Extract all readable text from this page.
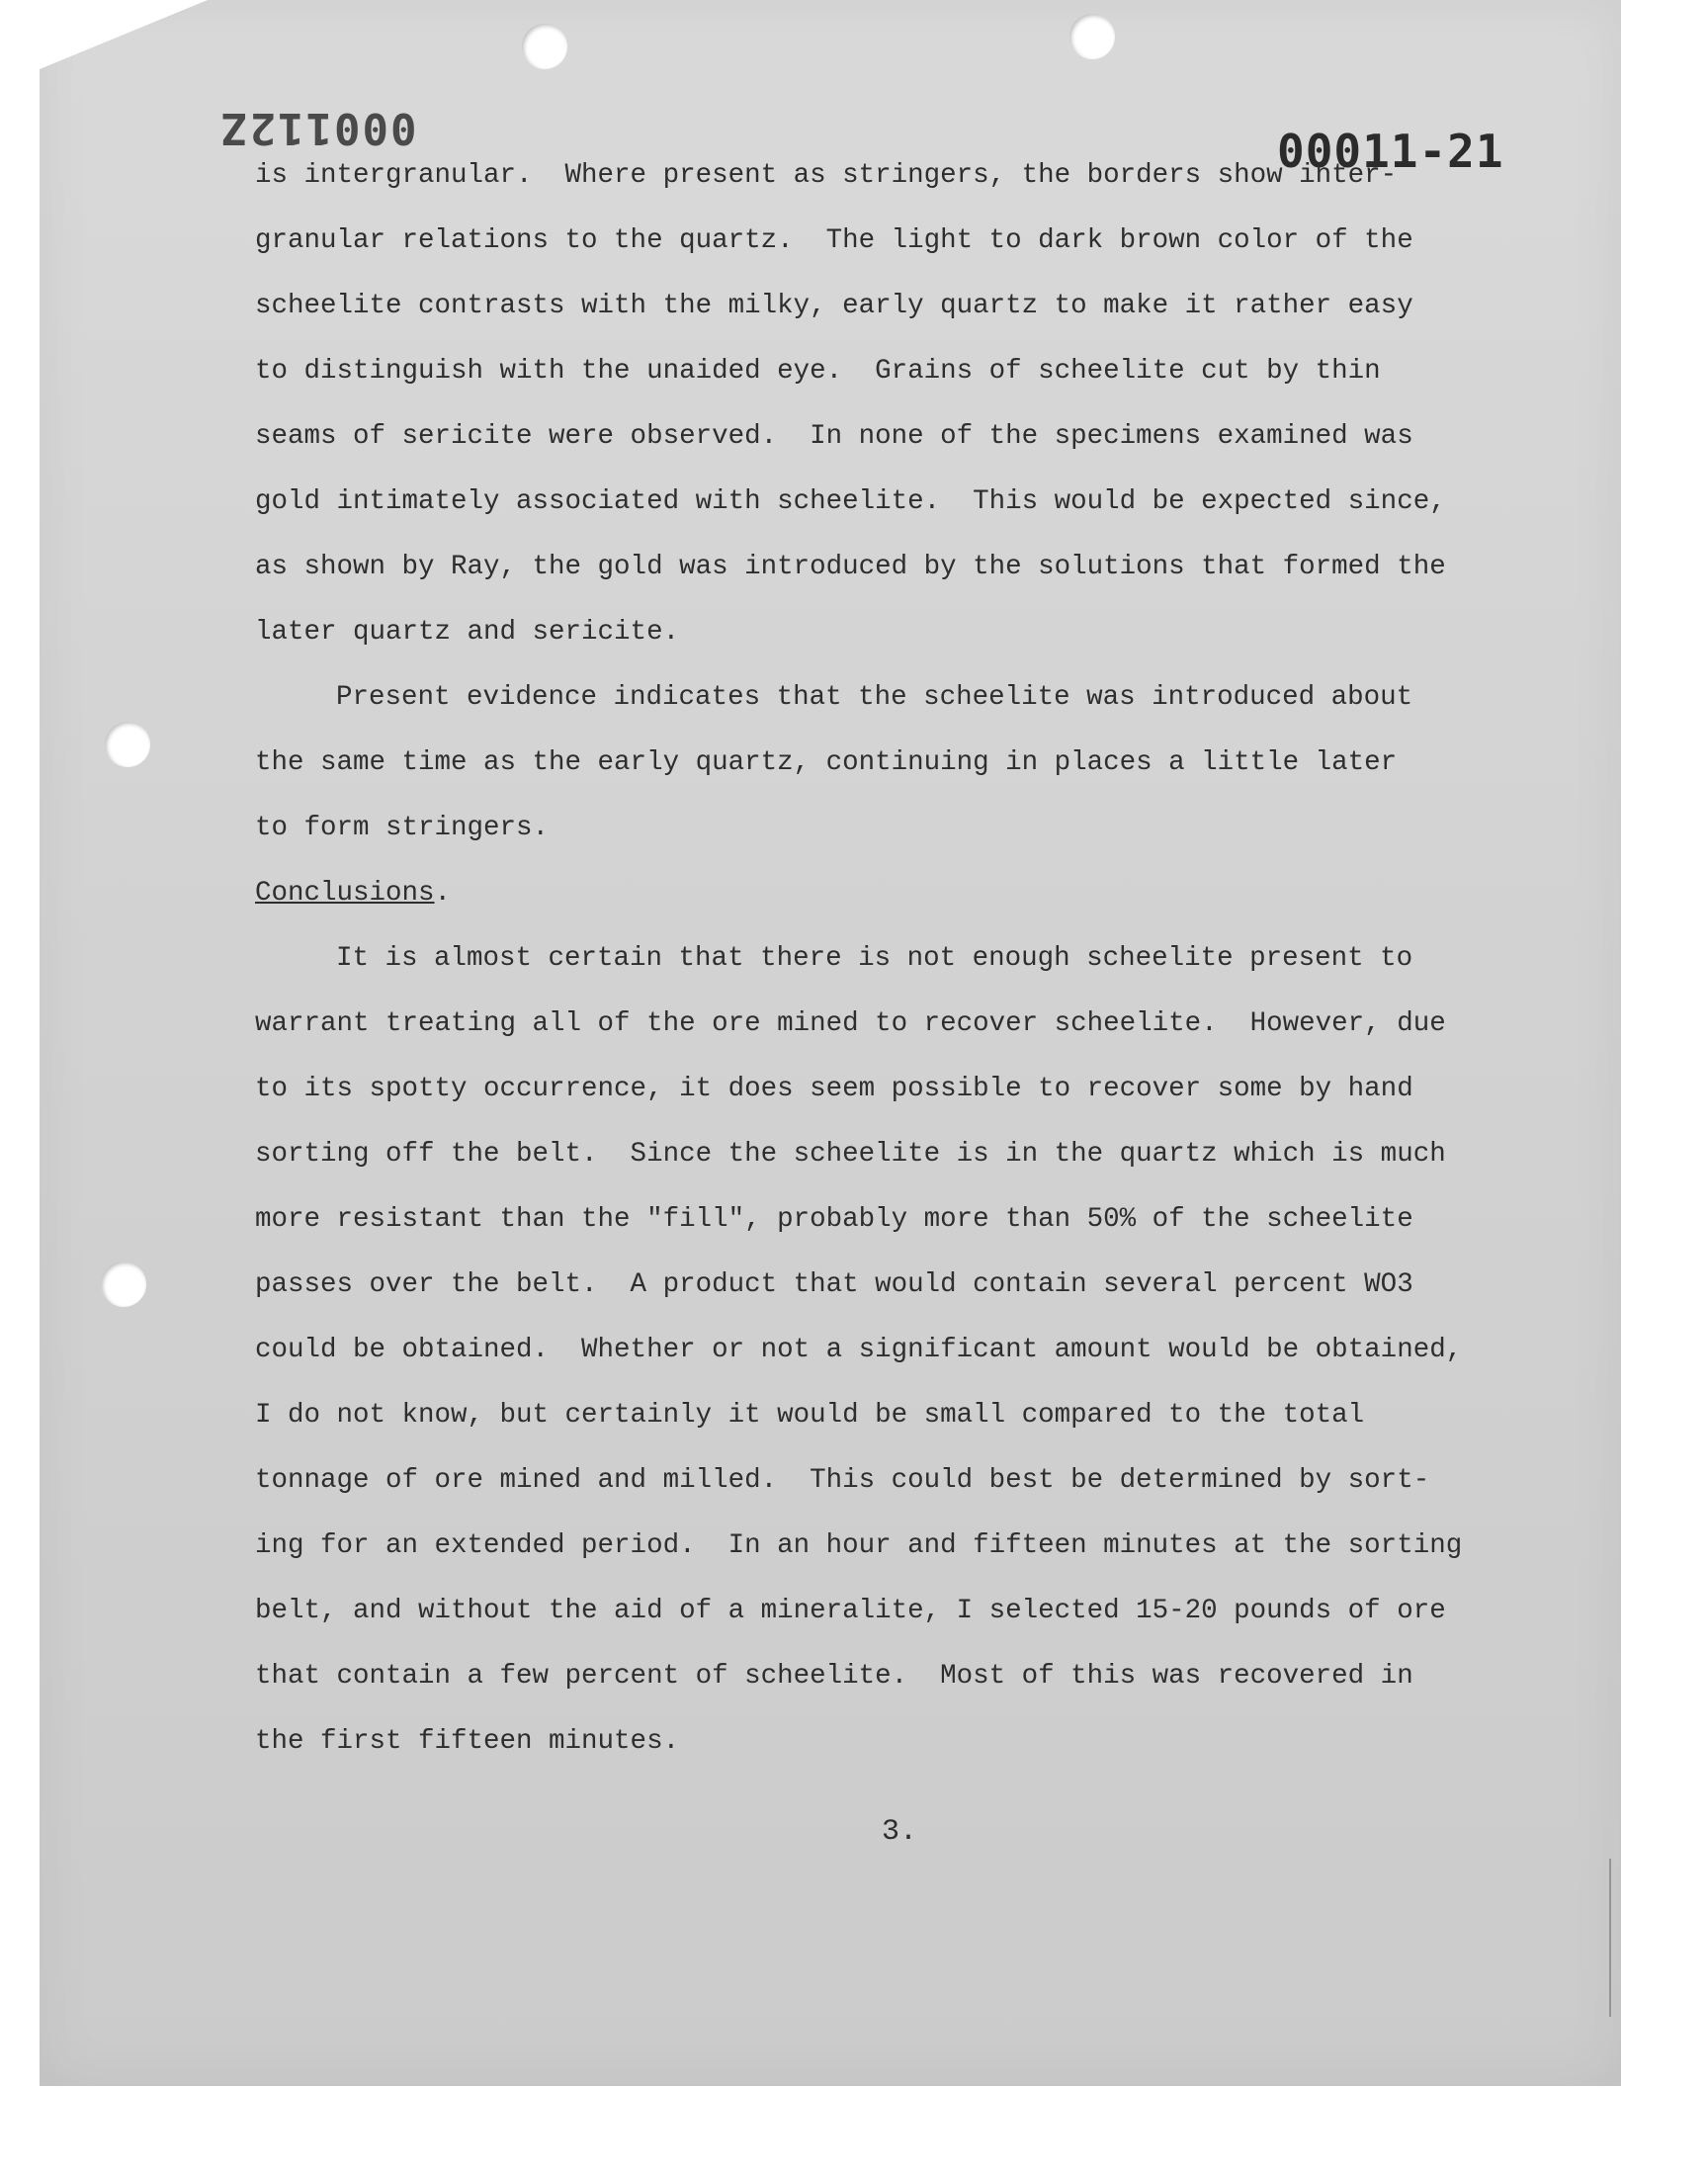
000112Z	00011-21
is intergranular.  Where present as stringers, the borders show inter-
granular relations to the quartz.  The light to dark brown color of the
scheelite contrasts with the milky, early quartz to make it rather easy
to distinguish with the unaided eye.  Grains of scheelite cut by thin
seams of sericite were observed.  In none of the specimens examined was
gold intimately associated with scheelite.  This would be expected since,
as shown by Ray, the gold was introduced by the solutions that formed the
later quartz and sericite.
Present evidence indicates that the scheelite was introduced about
the same time as the early quartz, continuing in places a little later
to form stringers.
Conclusions.
It is almost certain that there is not enough scheelite present to
warrant treating all of the ore mined to recover scheelite.  However, due
to its spotty occurrence, it does seem possible to recover some by hand
sorting off the belt.  Since the scheelite is in the quartz which is much
more resistant than the "fill", probably more than 50% of the scheelite
passes over the belt.  A product that would contain several percent WO3
could be obtained.  Whether or not a significant amount would be obtained,
I do not know, but certainly it would be small compared to the total
tonnage of ore mined and milled.  This could best be determined by sort-
ing for an extended period.  In an hour and fifteen minutes at the sorting
belt, and without the aid of a mineralite, I selected 15-20 pounds of ore
that contain a few percent of scheelite.  Most of this was recovered in
the first fifteen minutes.
3.
